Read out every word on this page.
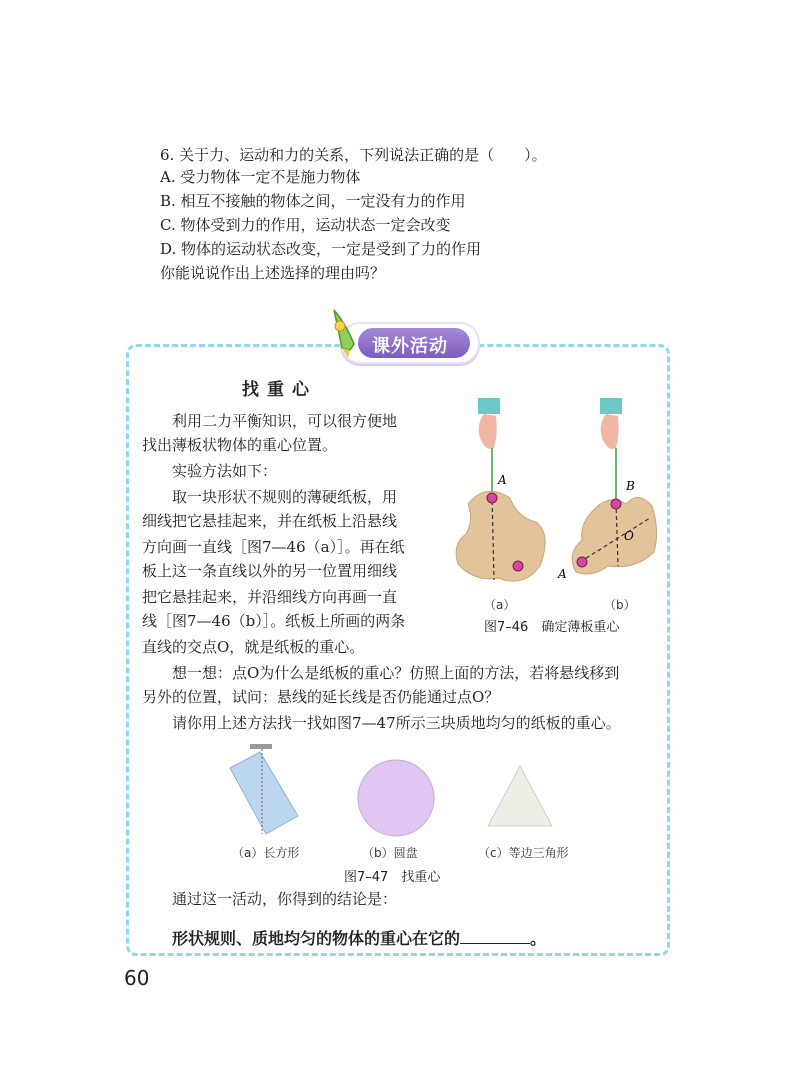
6. 关于力、运动和力的关系，下列说法正确的是（　　）。
A. 受力物体一定不是施力物体
B. 相互不接触的物体之间，一定没有力的作用
C. 物体受到力的作用，运动状态一定会改变
D. 物体的运动状态改变，一定是受到了力的作用
你能说说作出上述选择的理由吗？
课外活动
找重心
利用二力平衡知识，可以很方便地
找出薄板状物体的重心位置。
实验方法如下：
取一块形状不规则的薄硬纸板，用
细线把它悬挂起来，并在纸板上沿悬线
方向画一直线［图7—46（a）］。再在纸
板上这一条直线以外的另一位置用细线
把它悬挂起来，并沿细线方向再画一直
线［图7—46（b）］。纸板上所画的两条
直线的交点O，就是纸板的重心。
想一想：点O为什么是纸板的重心？仿照上面的方法，若将悬线移到
另外的位置，试问：悬线的延长线是否仍能通过点O？
请你用上述方法找一找如图7—47所示三块质地均匀的纸板的重心。
A	B
O
A
（a）	（b）
图7–46　确定薄板重心
（a）长方形	（b）圆盘	（c）等边三角形
图7–47　找重心
通过这一活动，你得到的结论是：
形状规则、质地均匀的物体的重心在它的	。
60
